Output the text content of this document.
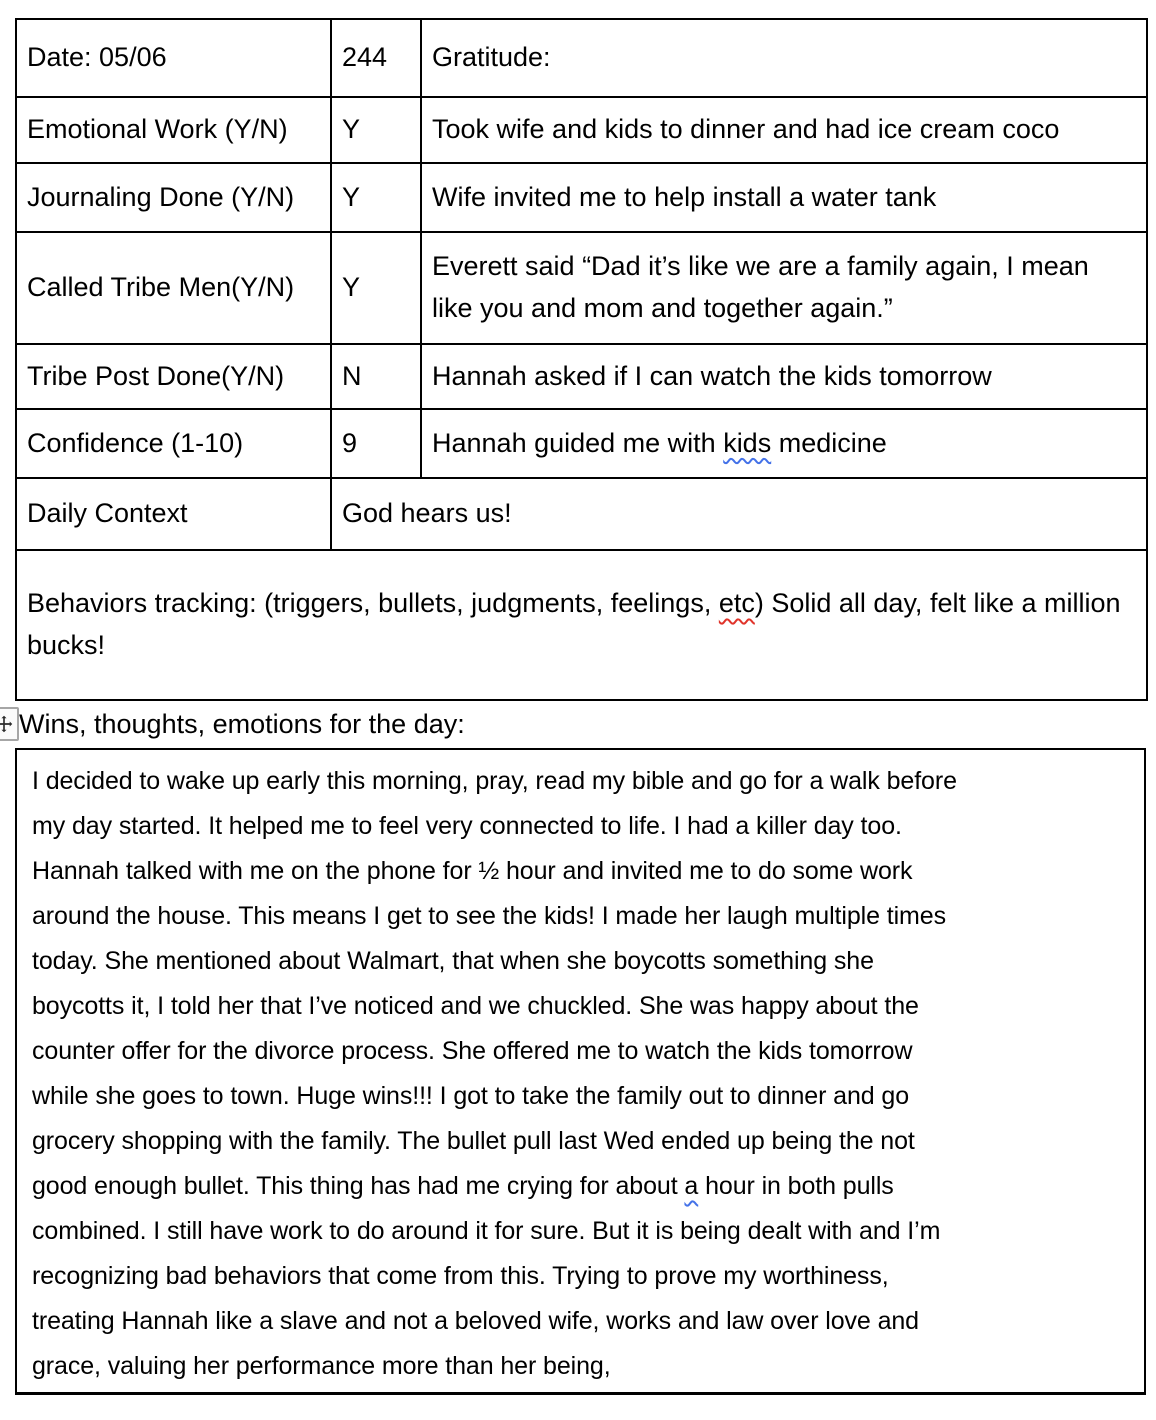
Date: 05/06	244	Gratitude:
Emotional Work (Y/N)	Y	Took wife and kids to dinner and had ice cream coco
Journaling Done (Y/N)	Y	Wife invited me to help install a water tank
Called Tribe Men(Y/N)	Y	Everett said “Dad it’s like we are a family again, I mean like you and mom and together again.”
Tribe Post Done(Y/N)	N	Hannah asked if I can watch the kids tomorrow
Confidence (1-10)	9	Hannah guided me with kids medicine
Daily Context	God hears us!	
Behaviors tracking: (triggers, bullets, judgments, feelings, etc) Solid all day, felt like a million bucks!		
Wins, thoughts, emotions for the day:
I decided to wake up early this morning, pray, read my bible and go for a walk before
my day started. It helped me to feel very connected to life. I had a killer day too.
Hannah talked with me on the phone for ½ hour and invited me to do some work
around the house. This means I get to see the kids! I made her laugh multiple times
today. She mentioned about Walmart, that when she boycotts something she
boycotts it, I told her that I’ve noticed and we chuckled. She was happy about the
counter offer for the divorce process. She offered me to watch the kids tomorrow
while she goes to town. Huge wins!!! I got to take the family out to dinner and go
grocery shopping with the family. The bullet pull last Wed ended up being the not
good enough bullet. This thing has had me crying for about a hour in both pulls
combined. I still have work to do around it for sure. But it is being dealt with and I’m
recognizing bad behaviors that come from this. Trying to prove my worthiness,
treating Hannah like a slave and not a beloved wife, works and law over love and
grace, valuing her performance more than her being,
